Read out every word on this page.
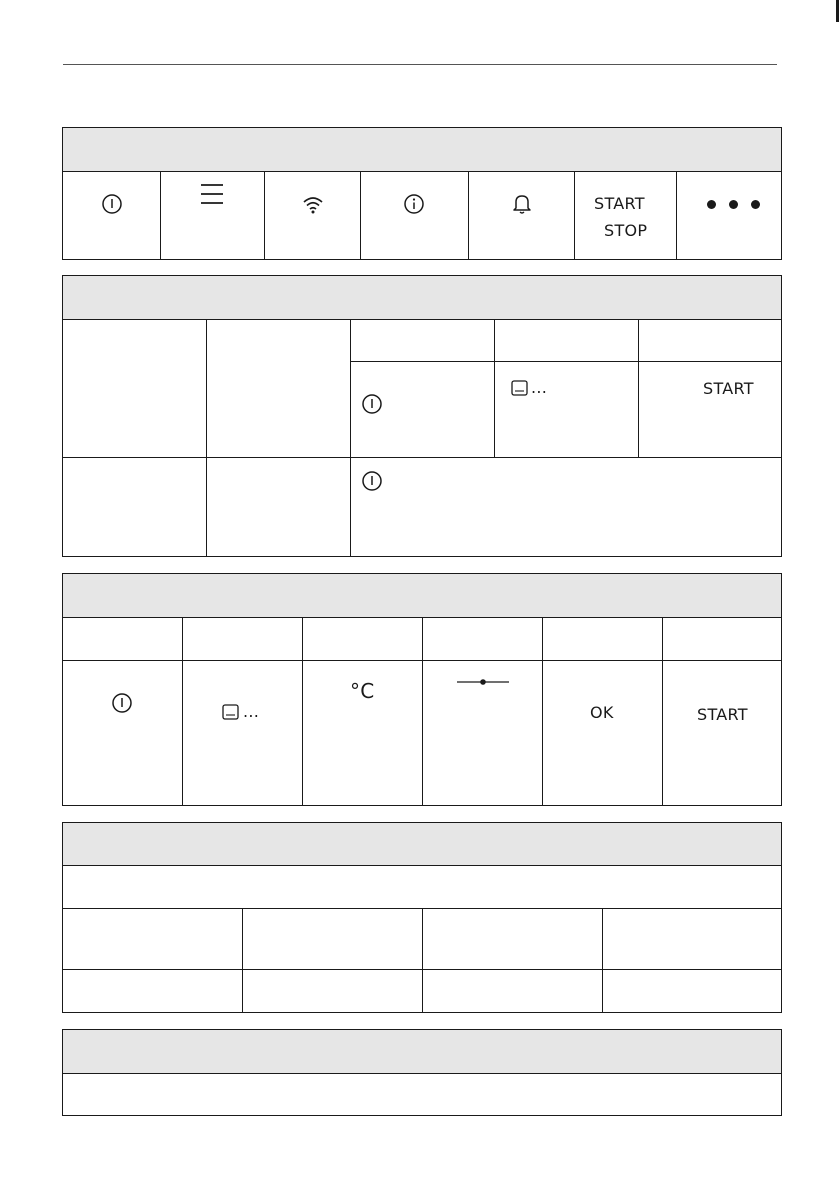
START
STOP
...	START
...
°C
OK	START
